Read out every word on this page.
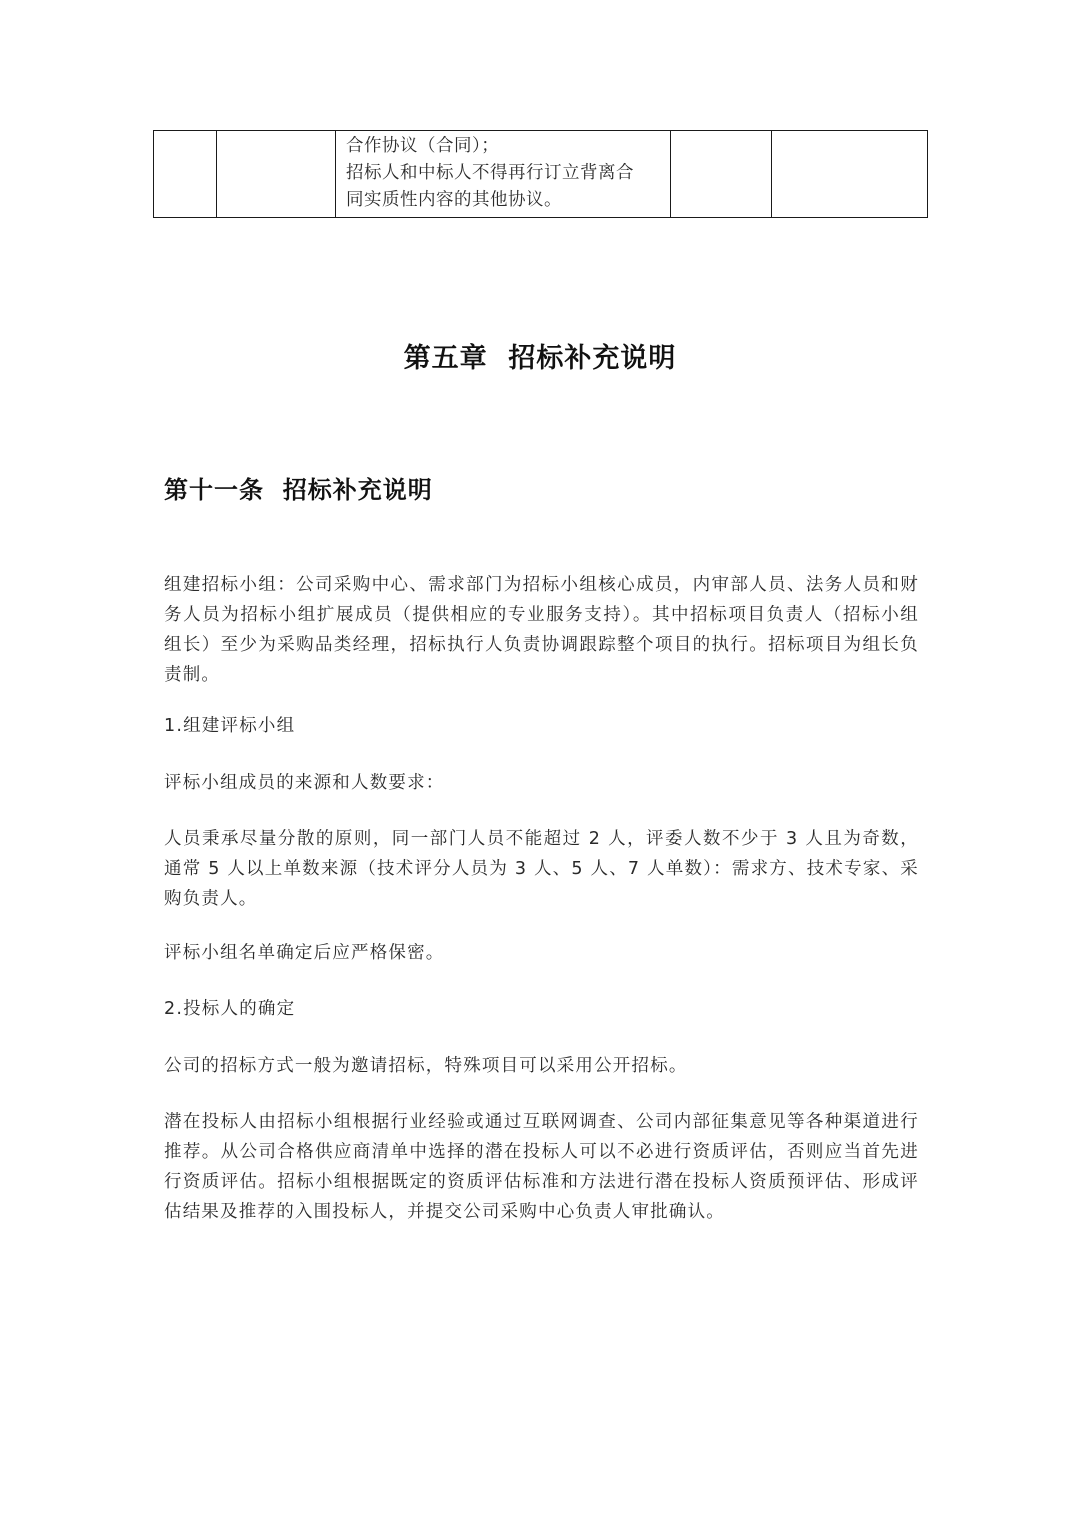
合作协议（合同）；

招标人和中标人不得再行订立背离合

同实质性内容的其他协议。

第五章  招标补充说明
第十一条  招标补充说明

组建招标小组：公司采购中心、需求部门为招标小组核心成员，内审部人员、法务人员和财务人员为招标小组扩展成员（提供相应的专业服务支持）。其中招标项目负责人（招标小组组长）至少为采购品类经理，招标执行人负责协调跟踪整个项目的执行。招标项目为组长负责制。

1.组建评标小组

评标小组成员的来源和人数要求：

人员秉承尽量分散的原则，同一部门人员不能超过 2 人，评委人数不少于 3 人且为奇数，通常 5 人以上单数来源（技术评分人员为 3 人、5 人、7 人单数）：需求方、技术专家、采购负责人。

评标小组名单确定后应严格保密。

2.投标人的确定

公司的招标方式一般为邀请招标，特殊项目可以采用公开招标。

潜在投标人由招标小组根据行业经验或通过互联网调查、公司内部征集意见等各种渠道进行推荐。从公司合格供应商清单中选择的潜在投标人可以不必进行资质评估，否则应当首先进行资质评估。招标小组根据既定的资质评估标准和方法进行潜在投标人资质预评估、形成评估结果及推荐的入围投标人，并提交公司采购中心负责人审批确认。
